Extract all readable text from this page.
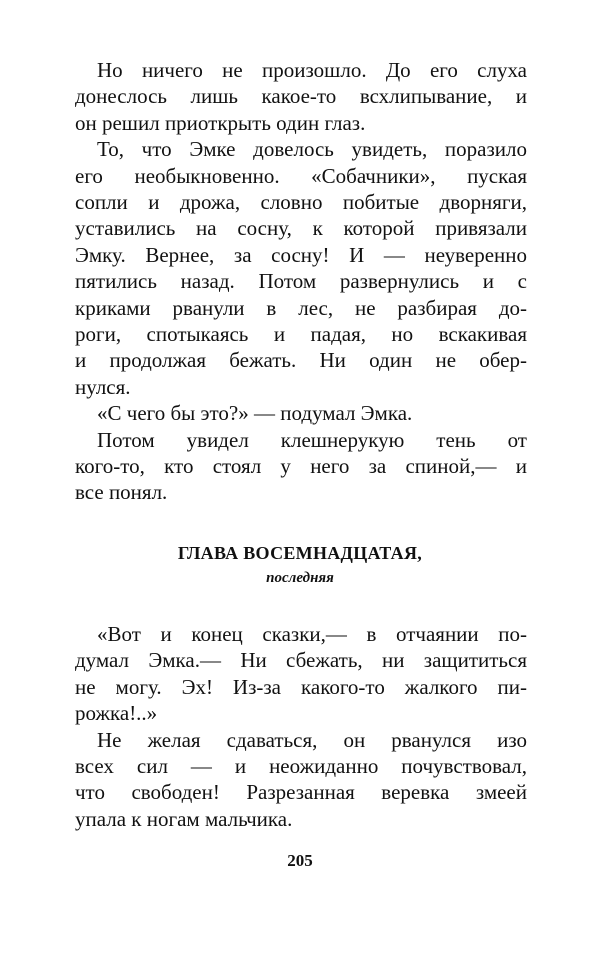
ГЛАВА ВОСЕМНАДЦАТАЯ,
последняя
205
Но ничего не произошло. До его слуха
донеслось лишь какое-то всхлипывание, и
он решил приоткрыть один глаз.
То, что Эмке довелось увидеть, поразило
его необыкновенно. «Собачники», пуская
сопли и дрожа, словно побитые дворняги,
уставились на сосну, к которой привязали
Эмку. Вернее, за сосну! И — неуверенно
пятились назад. Потом развернулись и с
криками рванули в лес, не разбирая до-
роги, спотыкаясь и падая, но вскакивая
и продолжая бежать. Ни один не обер-
нулся.
«С чего бы это?» — подумал Эмка.
Потом увидел клешнерукую тень от
кого-то, кто стоял у него за спиной,— и
все понял.
«Вот и конец сказки,— в отчаянии по-
думал Эмка.— Ни сбежать, ни защититься
не могу. Эх! Из-за какого-то жалкого пи-
рожка!..»
Не желая сдаваться, он рванулся изо
всех сил — и неожиданно почувствовал,
что свободен! Разрезанная веревка змеей
упала к ногам мальчика.
